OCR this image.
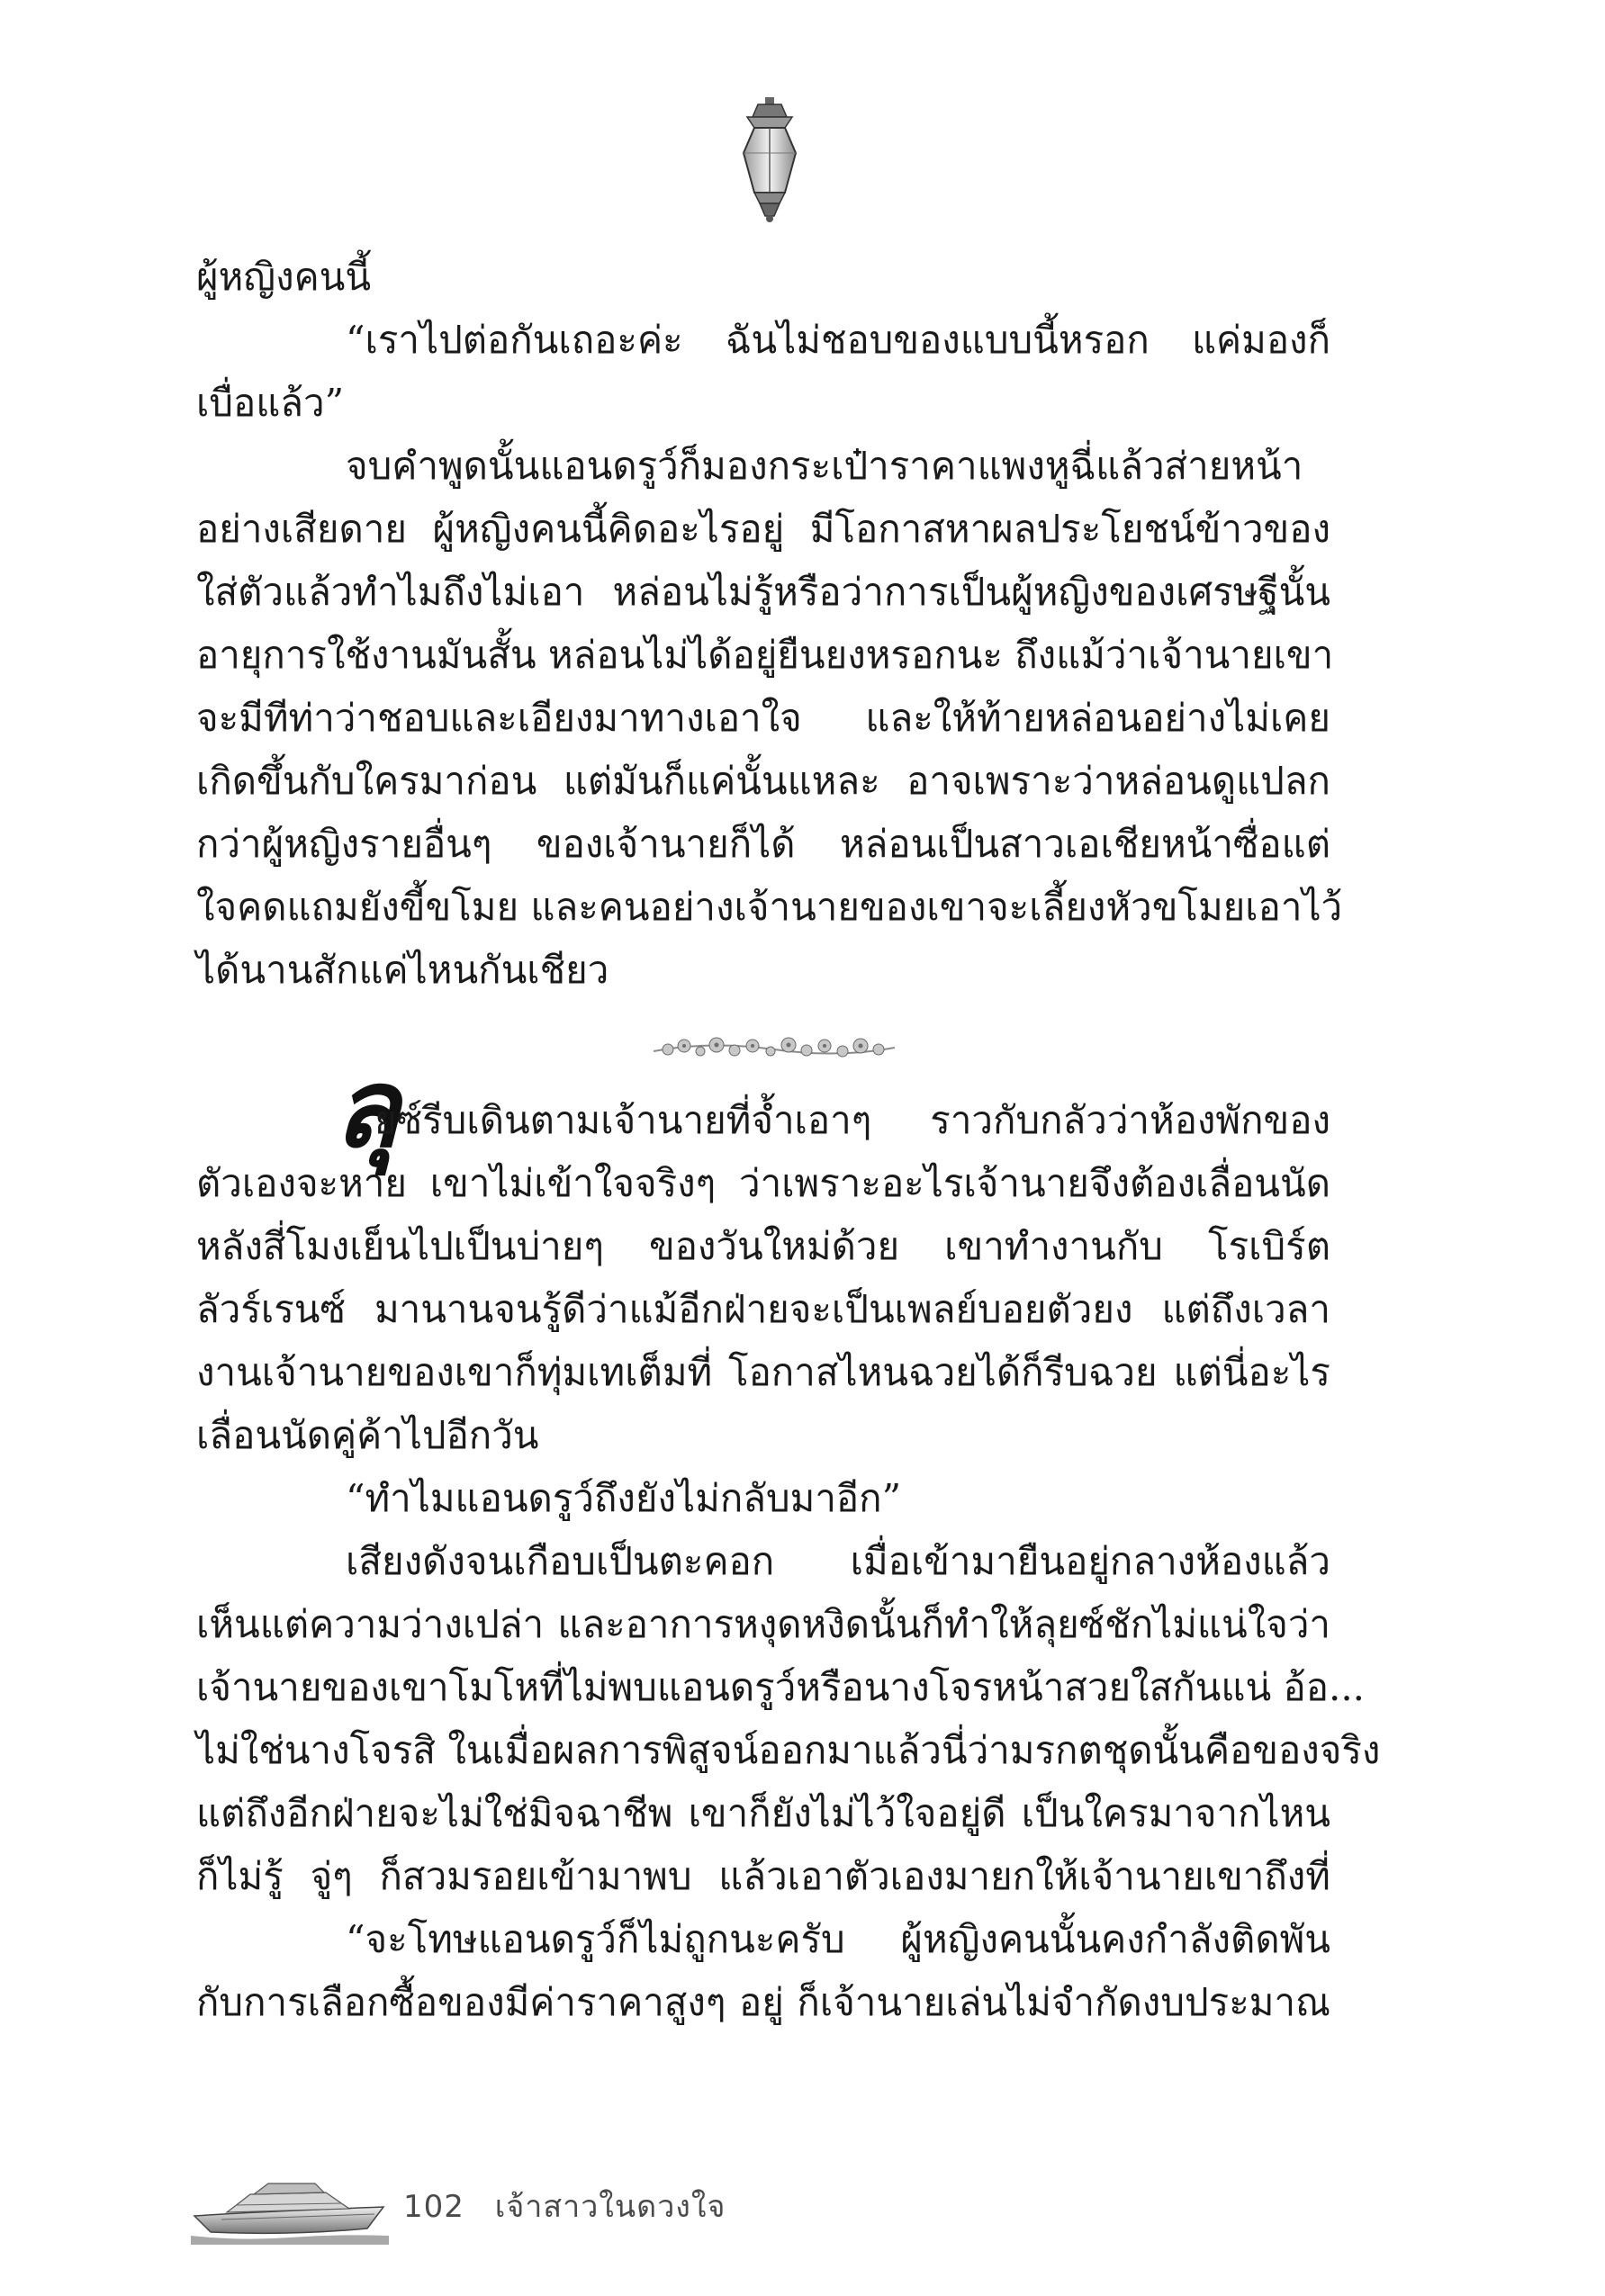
ผู้หญิงคนนี้
“เราไปต่อกันเถอะค่ะ ฉันไม่ชอบของแบบนี้หรอก แค่มองก็
เบื่อแล้ว”
จบคำพูดนั้นแอนดรูว์ก็มองกระเป๋าราคาแพงหูฉี่แล้วส่ายหน้า
อย่างเสียดาย ผู้หญิงคนนี้คิดอะไรอยู่ มีโอกาสหาผลประโยชน์ข้าวของ
ใส่ตัวแล้วทำไมถึงไม่เอา หล่อนไม่รู้หรือว่าการเป็นผู้หญิงของเศรษฐีนั้น
อายุการใช้งานมันสั้น หล่อนไม่ได้อยู่ยืนยงหรอกนะ ถึงแม้ว่าเจ้านายเขา
จะมีทีท่าว่าชอบและเอียงมาทางเอาใจ และให้ท้ายหล่อนอย่างไม่เคย
เกิดขึ้นกับใครมาก่อน แต่มันก็แค่นั้นแหละ อาจเพราะว่าหล่อนดูแปลก
กว่าผู้หญิงรายอื่นๆ ของเจ้านายก็ได้ หล่อนเป็นสาวเอเชียหน้าซื่อแต่
ใจคดแถมยังขี้ขโมย และคนอย่างเจ้านายของเขาจะเลี้ยงหัวขโมยเอาไว้
ได้นานสักแค่ไหนกันเชียว
ลุ
ยซ์รีบเดินตามเจ้านายที่จ้ำเอาๆ ราวกับกลัวว่าห้องพักของ
ตัวเองจะหาย เขาไม่เข้าใจจริงๆ ว่าเพราะอะไรเจ้านายจึงต้องเลื่อนนัด
หลังสี่โมงเย็นไปเป็นบ่ายๆ ของวันใหม่ด้วย เขาทำงานกับ โรเบิร์ต
ลัวร์เรนซ์ มานานจนรู้ดีว่าแม้อีกฝ่ายจะเป็นเพลย์บอยตัวยง แต่ถึงเวลา
งานเจ้านายของเขาก็ทุ่มเทเต็มที่ โอกาสไหนฉวยได้ก็รีบฉวย แต่นี่อะไร
เลื่อนนัดคู่ค้าไปอีกวัน
“ทำไมแอนดรูว์ถึงยังไม่กลับมาอีก”
เสียงดังจนเกือบเป็นตะคอก เมื่อเข้ามายืนอยู่กลางห้องแล้ว
เห็นแต่ความว่างเปล่า และอาการหงุดหงิดนั้นก็ทำให้ลุยซ์ชักไม่แน่ใจว่า
เจ้านายของเขาโมโหที่ไม่พบแอนดรูว์หรือนางโจรหน้าสวยใสกันแน่ อ้อ...
ไม่ใช่นางโจรสิ ในเมื่อผลการพิสูจน์ออกมาแล้วนี่ว่ามรกตชุดนั้นคือของจริง
แต่ถึงอีกฝ่ายจะไม่ใช่มิจฉาชีพ เขาก็ยังไม่ไว้ใจอยู่ดี เป็นใครมาจากไหน
ก็ไม่รู้ จู่ๆ ก็สวมรอยเข้ามาพบ แล้วเอาตัวเองมายกให้เจ้านายเขาถึงที่
“จะโทษแอนดรูว์ก็ไม่ถูกนะครับ ผู้หญิงคนนั้นคงกำลังติดพัน
กับการเลือกซื้อของมีค่าราคาสูงๆ อยู่ ก็เจ้านายเล่นไม่จำกัดงบประมาณ
102 เจ้าสาวในดวงใจ
